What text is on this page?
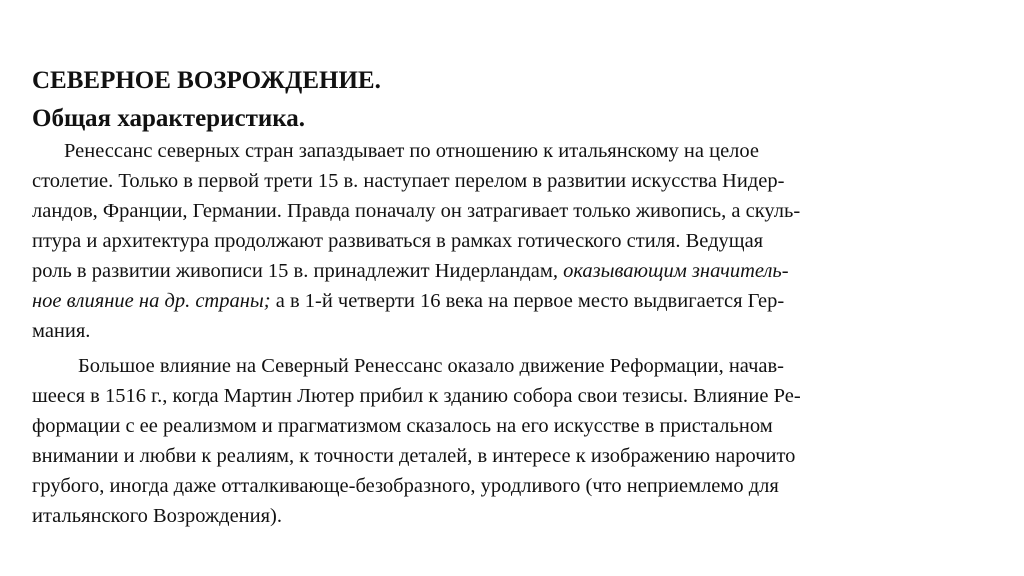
СЕВЕРНОЕ ВОЗРОЖДЕНИЕ.
Общая характеристика.
Ренессанс северных стран запаздывает по отношению к итальянскому на целое
столетие. Только в первой трети 15 в. наступает перелом в развитии искусства Нидер-
ландов, Франции, Германии. Правда поначалу он затрагивает только живопись, а скуль-
птура и архитектура продолжают развиваться в рамках готического стиля. Ведущая
роль в развитии живописи 15 в. принадлежит Нидерландам, оказывающим значитель-
ное влияние на др. страны; а в 1-й четверти 16 века на первое место выдвигается Гер-
мания.
Большое влияние на Северный Ренессанс оказало движение Реформации, начав-
шееся в 1516 г., когда Мартин Лютер прибил к зданию собора свои тезисы. Влияние Ре-
формации с ее реализмом и прагматизмом сказалось на его искусстве в пристальном
внимании и любви к реалиям, к точности деталей, в интересе к изображению нарочито
грубого, иногда даже отталкивающе-безобразного, уродливого (что неприемлемо для
итальянского Возрождения).
